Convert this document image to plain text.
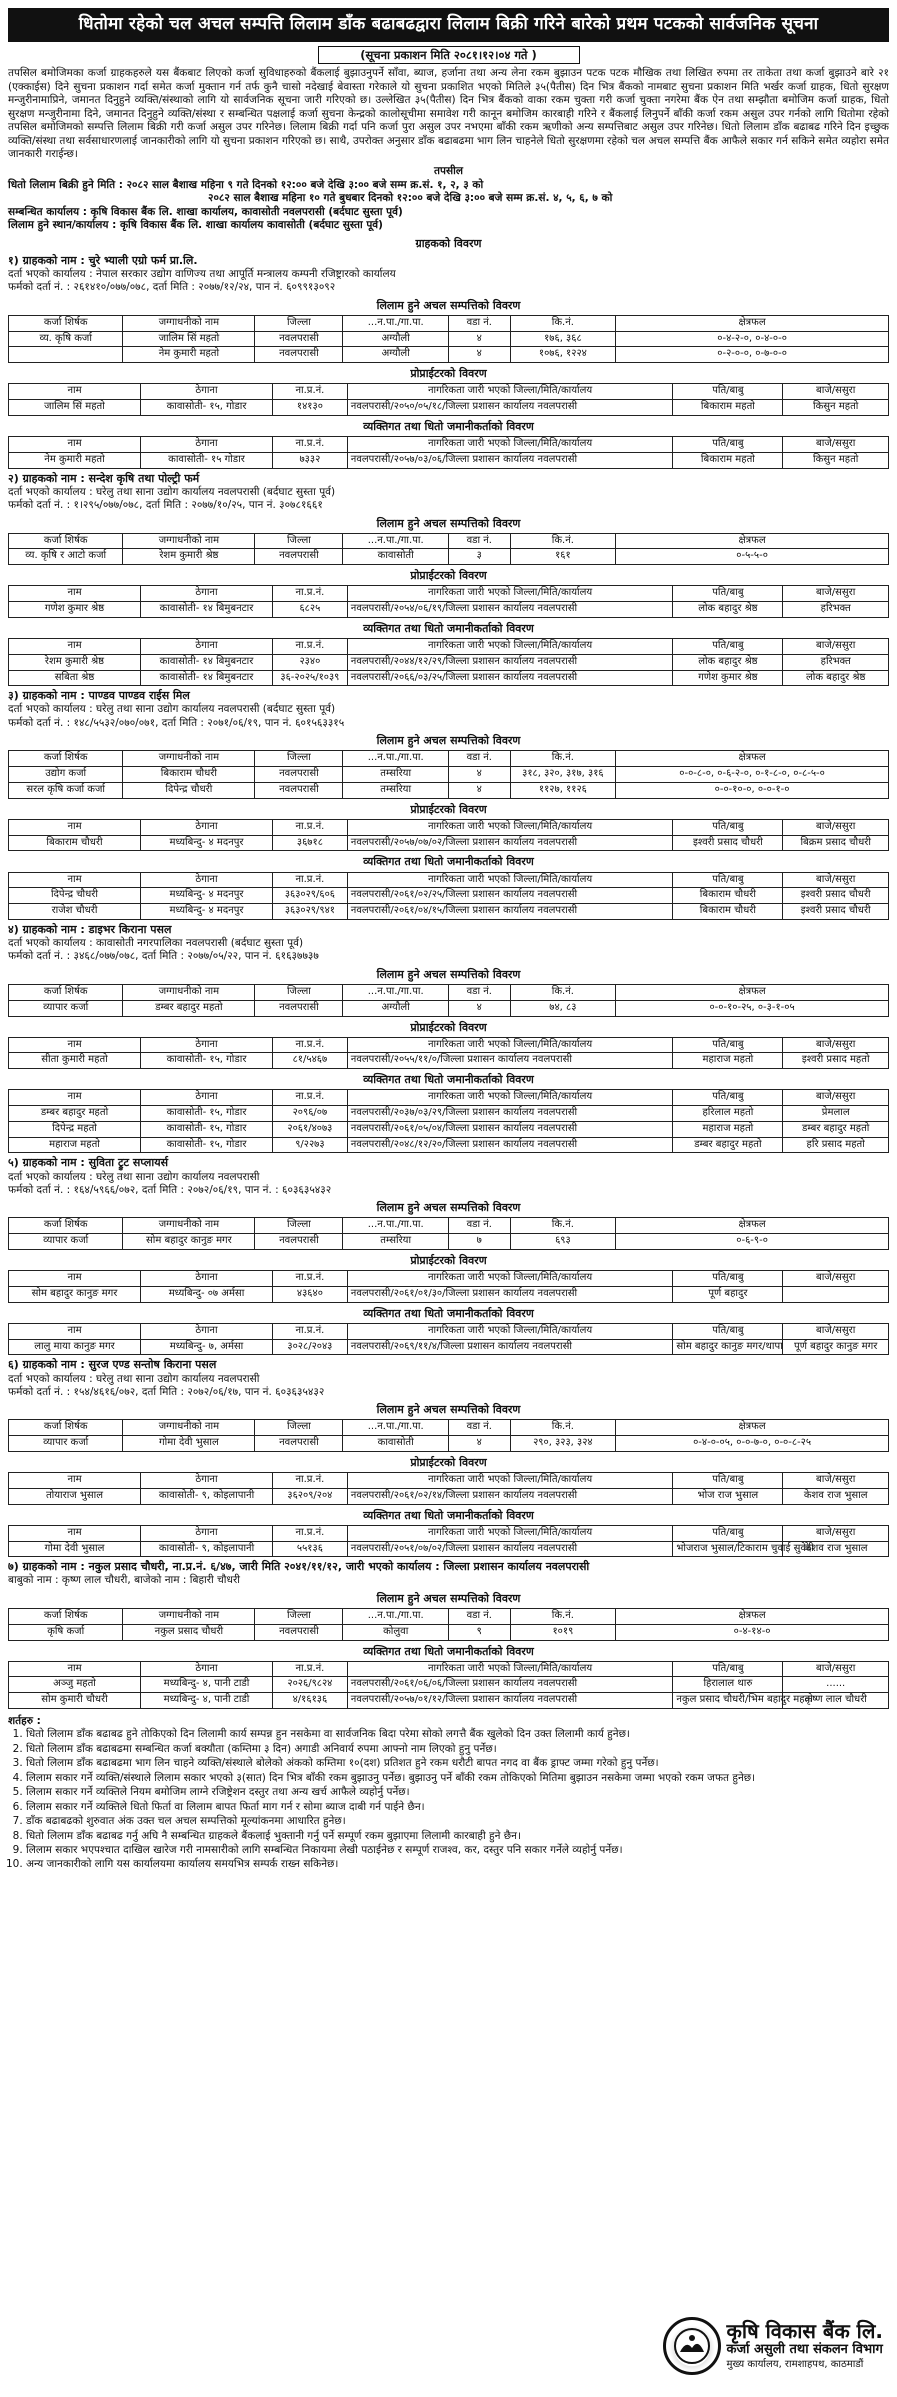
धितोमा रहेको चल अचल सम्पत्ति लिलाम डाँक बढाबढद्वारा लिलाम बिक्री गरिने बारेको प्रथम पटकको सार्वजनिक सूचना
(सूचना प्रकाशन मिति २०८१।१२।०४ गते )

तपसिल बमोजिमका कर्जा ग्राहकहरुले यस बैंकबाट लिएको कर्जा सुविधाहरुको बैंकलाई बुझाउनुपर्ने साँवा, ब्याज, हर्जाना तथा अन्य लेना रकम बुझाउन पटक पटक मौखिक तथा लिखित रुपमा तर ताकेता तथा कर्जा बुझाउने बारे २१ (एक्काईस) दिने सुचना प्रकाशन गर्दा समेत कर्जा मुक्तान गर्न तर्फ कुनै चासो नदेखाई बेवास्ता गरेकाले यो सुचना प्रकाशित भएको मितिले ३५(पैतीस) दिन भित्र बैंकको नामबाट सुचना प्रकाशन मिति भर्खर कर्जा ग्राहक, धितो सुरक्षण मन्जुरीनामाप्रिने, जमानत दिनुहुने व्यक्ति/संस्थाको लागि यो सार्वजनिक सूचना जारी गरिएको छ। उल्लेखित ३५(पैतीस) दिन भित्र बैंकको वाका रकम चुक्ता गरी कर्जा चुक्ता नगरेमा बैंक ऐन तथा सम्झौता बमोजिम कर्जा ग्राहक, धितो सुरक्षण मन्जुरीनामा दिने, जमानत दिनुहुने व्यक्ति/संस्था र सम्बन्धित पक्षलाई कर्जा सुचना केन्द्रको कालोसूचीमा समावेश गरी कानून बमोजिम कारबाही गरिने र बैंकलाई लिनुपर्ने बाँकी कर्जा रकम असुल उपर गर्नको लागि धितोमा रहेको तपसिल बमोजिमको सम्पत्ति लिलाम बिक्री गरी कर्जा असुल उपर गरिनेछ। लिलाम बिक्री गर्दा पनि कर्जा पुरा असुल उपर नभएमा बाँकी रकम ऋणीको अन्य सम्पत्तिबाट असुल उपर गरिनेछ। धितो लिलाम डाँक बढाबढ गरिने दिन इच्छुक व्यक्ति/संस्था तथा सर्वसाधारणलाई जानकारीको लागि यो सुचना प्रकाशन गरिएको छ। साथै, उपरोक्त अनुसार डाँक बढाबढमा भाग लिन चाहनेले धितो सुरक्षणमा रहेको चल अचल सम्पत्ति बैंक आफैले सकार गर्न सकिने समेत व्यहोरा समेत जानकारी गराईन्छ।

तपसील
धितो लिलाम बिक्री हुने मिति : २०८२ साल बैशाख महिना ९ गते दिनको १२:०० बजे देखि ३:०० बजे सम्म क्र.सं. १, २, ३ को
२०८२ साल बैशाख महिना १० गते बुधबार दिनको १२:०० बजे देखि ३:०० बजे सम्म क्र.सं. ४, ५, ६, ७ को
सम्बन्धित कार्यालय : कृषि विकास बैंक लि. शाखा कार्यालय, कावासोती नवलपरासी (बर्दघाट सुस्ता पूर्व)
लिलाम हुने स्थान/कार्यालय : कृषि विकास बैंक लि. शाखा कार्यालय कावासोती (बर्दघाट सुस्ता पूर्व)
ग्राहकको विवरण
१) ग्राहकको नाम : चुरे भ्याली एग्रो फर्म प्रा.लि.
दर्ता भएको कार्यालय : नेपाल सरकार उद्योग वाणिज्य तथा आपूर्ति मन्त्रालय कम्पनी रजिष्ट्रारको कार्यालय
फर्मको दर्ता नं. : २६१४१०/०७७/०७८, दर्ता मिति : २०७७/१२/२४, पान नं. ६०९९१३०९२
लिलाम हुने अचल सम्पत्तिको विवरण
कर्जा शिर्षक	जग्गाधनीको नाम	जिल्ला	...न.पा./गा.पा.	वडा नं.	कि.नं.	क्षेत्रफल
व्य. कृषि कर्जा	जालिम सिं महतो	नवलपरासी	अग्यौली	४	१७६, ३६८	०-४-२-०, ०-४-०-०
	नेम कुमारी महतो	नवलपरासी	अग्यौली	४	१०७६, १२२४	०-२-०-०, ०-७-०-०
प्रोप्राईटरको विवरण
नाम	ठेगाना	ना.प्र.नं.	नागरिकता जारी भएको जिल्ला/मिति/कार्यालय	पति/बाबु	बाजे/ससुरा
जालिम सिं महतो	कावासोती- १५, गोडार	१४१३०	नवलपरासी/२०५०/०५/१८/जिल्ला प्रशासन कार्यालय नवलपरासी	बिकाराम महतो	किसुन महतो
व्यक्तिगत तथा धितो जमानीकर्ताको विवरण
नाम	ठेगाना	ना.प्र.नं.	नागरिकता जारी भएको जिल्ला/मिति/कार्यालय	पति/बाबु	बाजे/ससुरा
नेम कुमारी महतो	कावासोती- १५ गोडार	७३३२	नवलपरासी/२०५७/०३/०६/जिल्ला प्रशासन कार्यालय नवलपरासी	बिकाराम महतो	किसुन महतो
२) ग्राहकको नाम : सन्देश कृषि तथा पोल्ट्री फर्म
दर्ता भएको कार्यालय : घरेलु तथा साना उद्योग कार्यालय नवलपरासी (बर्दघाट सुस्ता पूर्व)
फर्मको दर्ता नं. : १।२९५/०७७/०७८, दर्ता मिति : २०७७/१०/२५, पान नं. ३०७८१६६१
लिलाम हुने अचल सम्पत्तिको विवरण
कर्जा शिर्षक	जग्गाधनीको नाम	जिल्ला	...न.पा./गा.पा.	वडा नं.	कि.नं.	क्षेत्रफल
व्य. कृषि र आटो कर्जा	रेशम कुमारी श्रेष्ठ	नवलपरासी	कावासोती	३	१६१	०-५-५-०
प्रोप्राईटरको विवरण
नाम	ठेगाना	ना.प्र.नं.	नागरिकता जारी भएको जिल्ला/मिति/कार्यालय	पति/बाबु	बाजे/ससुरा
गणेश कुमार श्रेष्ठ	कावासोती- १४ बिमुबनटार	६८२५	नवलपरासी/२०५४/०६/१९/जिल्ला प्रशासन कार्यालय नवलपरासी	लोक बहादुर श्रेष्ठ	हरिभक्त
व्यक्तिगत तथा धितो जमानीकर्ताको विवरण
नाम	ठेगाना	ना.प्र.नं.	नागरिकता जारी भएको जिल्ला/मिति/कार्यालय	पति/बाबु	बाजे/ससुरा
रेशम कुमारी श्रेष्ठ	कावासोती- १४ बिमुबनटार	२३४०	नवलपरासी/२०४४/१२/२९/जिल्ला प्रशासन कार्यालय नवलपरासी	लोक बहादुर श्रेष्ठ	हरिभक्त
सबिता श्रेष्ठ	कावासोती- १४ बिमुबनटार	३६-२०२५/१०३९	नवलपरासी/२०६६/०३/२५/जिल्ला प्रशासन कार्यालय नवलपरासी	गणेश कुमार श्रेष्ठ	लोक बहादुर श्रेष्ठ
३) ग्राहकको नाम : पाण्डव पाण्डव राईस मिल
दर्ता भएको कार्यालय : घरेलु तथा साना उद्योग कार्यालय नवलपरासी (बर्दघाट सुस्ता पूर्व)
फर्मको दर्ता नं. : १४८/५५३२/०७०/०७१, दर्ता मिति : २०७१/०६/१९, पान नं. ६०१५६३३१५
लिलाम हुने अचल सम्पत्तिको विवरण
कर्जा शिर्षक	जग्गाधनीको नाम	जिल्ला	...न.पा./गा.पा.	वडा नं.	कि.नं.	क्षेत्रफल
उद्योग कर्जा	बिकाराम चौधरी	नवलपरासी	तम्सरिया	४	३१८, ३२०, ३१७, ३१६	०-०-८-०, ०-६-२-०, ०-१-८-०, ०-८-५-०
सरल कृषि कर्जा कर्जा	दिपेन्द्र चौधरी	नवलपरासी	तम्सरिया	४	११२७, ११२६	०-०-१०-०, ०-०-१-०
प्रोप्राईटरको विवरण
नाम	ठेगाना	ना.प्र.नं.	नागरिकता जारी भएको जिल्ला/मिति/कार्यालय	पति/बाबु	बाजे/ससुरा
बिकाराम चौधरी	मध्यबिन्दु- ४ मदनपुर	३६७१८	नवलपरासी/२०५७/०७/०२/जिल्ला प्रशासन कार्यालय नवलपरासी	इश्वरी प्रसाद चौधरी	बिक्रम प्रसाद चौधरी
व्यक्तिगत तथा धितो जमानीकर्ताको विवरण
नाम	ठेगाना	ना.प्र.नं.	नागरिकता जारी भएको जिल्ला/मिति/कार्यालय	पति/बाबु	बाजे/ससुरा
दिपेन्द्र चौधरी	मध्यबिन्दु- ४ मदनपुर	३६३०२९/६०६	नवलपरासी/२०६१/०२/२५/जिल्ला प्रशासन कार्यालय नवलपरासी	बिकाराम चौधरी	इश्वरी प्रसाद चौधरी
राजेश चौधरी	मध्यबिन्दु- ४ मदनपुर	३६३०२९/९४१	नवलपरासी/२०६१/०४/१५/जिल्ला प्रशासन कार्यालय नवलपरासी	बिकाराम चौधरी	इश्वरी प्रसाद चौधरी
४) ग्राहकको नाम : डाइभर किराना पसल
दर्ता भएको कार्यालय : कावासोती नगरपालिका नवलपरासी (बर्दघाट सुस्ता पूर्व)
फर्मको दर्ता नं. : ३४६८/०७७/०७८, दर्ता मिति : २०७७/०५/२२, पान नं. ६१६३७७३७
लिलाम हुने अचल सम्पत्तिको विवरण
कर्जा शिर्षक	जग्गाधनीको नाम	जिल्ला	...न.पा./गा.पा.	वडा नं.	कि.नं.	क्षेत्रफल
व्यापार कर्जा	डम्बर बहादुर महतो	नवलपरासी	अग्यौली	४	७४, ८३	०-०-१०-२५, ०-३-१-०५
प्रोप्राईटरको विवरण
नाम	ठेगाना	ना.प्र.नं.	नागरिकता जारी भएको जिल्ला/मिति/कार्यालय	पति/बाबु	बाजे/ससुरा
सीता कुमारी महतो	कावासोती- १५, गोडार	८१/५४६७	नवलपरासी/२०५५/११/०/जिल्ला प्रशासन कार्यालय नवलपरासी	महाराज महतो	इश्वरी प्रसाद महतो
व्यक्तिगत तथा धितो जमानीकर्ताको विवरण
नाम	ठेगाना	ना.प्र.नं.	नागरिकता जारी भएको जिल्ला/मिति/कार्यालय	पति/बाबु	बाजे/ससुरा
डम्बर बहादुर महतो	कावासोती- १५, गोडार	२०९६/०७	नवलपरासी/२०३७/०३/२९/जिल्ला प्रशासन कार्यालय नवलपरासी	हरिलाल महतो	प्रेमलाल
दिपेन्द्र महतो	कावासोती- १५, गोडार	२०६१/४०७३	नवलपरासी/२०६१/०५/०४/जिल्ला प्रशासन कार्यालय नवलपरासी	महाराज महतो	डम्बर बहादुर महतो
महाराज महतो	कावासोती- १५, गोडार	९/२२७३	नवलपरासी/२०४८/१२/२०/जिल्ला प्रशासन कार्यालय नवलपरासी	डम्बर बहादुर महतो	हरि प्रसाद महतो
५) ग्राहकको नाम : सुविता ट्रुट सप्लायर्स
दर्ता भएको कार्यालय : घरेलु तथा साना उद्योग कार्यालय नवलपरासी
फर्मको दर्ता नं. : १६४/५९६६/०७२, दर्ता मिति : २०७२/०६/१९, पान नं. : ६०३६३५४३२
लिलाम हुने अचल सम्पत्तिको विवरण
कर्जा शिर्षक	जग्गाधनीको नाम	जिल्ला	...न.पा./गा.पा.	वडा नं.	कि.नं.	क्षेत्रफल
व्यापार कर्जा	सोम बहादुर कानुङ मगर	नवलपरासी	तम्सरिया	७	६९३	०-६-९-०
प्रोप्राईटरको विवरण
नाम	ठेगाना	ना.प्र.नं.	नागरिकता जारी भएको जिल्ला/मिति/कार्यालय	पति/बाबु	बाजे/ससुरा
सोम बहादुर कानुङ मगर	मध्यबिन्दु- ०७ अर्मसा	४३६४०	नवलपरासी/२०६१/०१/३०/जिल्ला प्रशासन कार्यालय नवलपरासी	पूर्ण बहादुर	
व्यक्तिगत तथा धितो जमानीकर्ताको विवरण
नाम	ठेगाना	ना.प्र.नं.	नागरिकता जारी भएको जिल्ला/मिति/कार्यालय	पति/बाबु	बाजे/ससुरा
लालु माया कानुङ मगर	मध्यबिन्दु- ७, अर्मसा	३०२८/२०४३	नवलपरासी/२०६९/११/४/जिल्ला प्रशासन कार्यालय नवलपरासी	सोम बहादुर कानुङ मगर/थापा	पूर्ण बहादुर कानुङ मगर
६) ग्राहकको नाम : सुरज एण्ड सन्तोष किराना पसल
दर्ता भएको कार्यालय : घरेलु तथा साना उद्योग कार्यालय नवलपरासी
फर्मको दर्ता नं. : १५४/४६१६/०७२, दर्ता मिति : २०७२/०६/१७, पान नं. ६०३६३५४३२
लिलाम हुने अचल सम्पत्तिको विवरण
कर्जा शिर्षक	जग्गाधनीको नाम	जिल्ला	...न.पा./गा.पा.	वडा नं.	कि.नं.	क्षेत्रफल
व्यापार कर्जा	गोमा देवी भुसाल	नवलपरासी	कावासोती	४	२९०, ३२३, ३२४	०-४-०-०५, ०-०-७-०, ०-०-८-२५
प्रोप्राईटरको विवरण
नाम	ठेगाना	ना.प्र.नं.	नागरिकता जारी भएको जिल्ला/मिति/कार्यालय	पति/बाबु	बाजे/ससुरा
तोयाराज भुसाल	कावासोती- ९, कोइलापानी	३६२०९/२०४	नवलपरासी/२०६१/०२/१४/जिल्ला प्रशासन कार्यालय नवलपरासी	भोज राज भुसाल	केशव राज भुसाल
व्यक्तिगत तथा धितो जमानीकर्ताको विवरण
नाम	ठेगाना	ना.प्र.नं.	नागरिकता जारी भएको जिल्ला/मिति/कार्यालय	पति/बाबु	बाजे/ससुरा
गोमा देवी भुसाल	कावासोती- ९, कोइलापानी	५५१३६	नवलपरासी/२०५१/०७/०२/जिल्ला प्रशासन कार्यालय नवलपरासी	भोजराज भुसाल/टिकाराम चुवाई सुवेदी	केशव राज भुसाल
७) ग्राहकको नाम : नकुल प्रसाद चौधरी, ना.प्र.नं. ६/४७, जारी मिति २०४१/११/१२, जारी भएको कार्यालय : जिल्ला प्रशासन कार्यालय नवलपरासी
बाबुको नाम : कृष्ण लाल चौधरी, बाजेको नाम : बिहारी चौधरी
लिलाम हुने अचल सम्पत्तिको विवरण
कर्जा शिर्षक	जग्गाधनीको नाम	जिल्ला	...न.पा./गा.पा.	वडा नं.	कि.नं.	क्षेत्रफल
कृषि कर्जा	नकुल प्रसाद चौधरी	नवलपरासी	कोलुवा	९	१०१९	०-४-१४-०
व्यक्तिगत तथा धितो जमानीकर्ताको विवरण
नाम	ठेगाना	ना.प्र.नं.	नागरिकता जारी भएको जिल्ला/मिति/कार्यालय	पति/बाबु	बाजे/ससुरा
अञ्जु महतो	मध्यबिन्दु- ४, पानी टाडी	२०२६/९८२४	नवलपरासी/२०६१/०६/०६/जिल्ला प्रशासन कार्यालय नवलपरासी	हिरालाल थारु	......
सोम कुमारी चौधरी	मध्यबिन्दु- ४, पानी टाडी	४/१६१३६	नवलपरासी/२०५७/०१/१२/जिल्ला प्रशासन कार्यालय नवलपरासी	नकुल प्रसाद चौधरी/भिम बहादुर महतो	कृष्ण लाल चौधरी
शर्तहरु :
1. धितो लिलाम डाँक बढाबढ हुने तोकिएको दिन लिलामी कार्य सम्पन्न हुन नसकेमा वा सार्वजनिक बिदा परेमा सोको लगत्तै बैंक खुलेको दिन उक्त लिलामी कार्य हुनेछ।
2. धितो लिलाम डाँक बढाबढमा सम्बन्धित कर्जा बक्यौता (कम्तिमा ३ दिन) अगाडी अनिवार्य रुपमा आफ्नो नाम लिएको हुनु पर्नेछ।
3. धितो लिलाम डाँक बढाबढमा भाग लिन चाहने व्यक्ति/संस्थाले बोलेको अंकको कम्तिमा १०(दश) प्रतिशत हुने रकम धरौटी बापत नगद वा बैंक ड्राफ्ट जम्मा गरेको हुनु पर्नेछ।
4. लिलाम सकार गर्ने व्यक्ति/संस्थाले लिलाम सकार भएको ३(सात) दिन भित्र बाँकी रकम बुझाउनु पर्नेछ। बुझाउनु पर्ने बाँकी रकम तोकिएको मितिमा बुझाउन नसकेमा जम्मा भएको रकम जफत हुनेछ।
5. लिलाम सकार गर्ने व्यक्तिले नियम बमोजिम लाग्ने रजिष्ट्रेशन दस्तुर तथा अन्य खर्च आफैले व्यहोर्नु पर्नेछ।
6. लिलाम सकार गर्ने व्यक्तिले धितो फिर्ता वा लिलाम बापत फिर्ता माग गर्न र सोमा ब्याज दाबी गर्न पाईने छैन।
7. डाँक बढाबढको शुरुवात अंक उक्त चल अचल सम्पत्तिको मूल्यांकनमा आधारित हुनेछ।
8. धितो लिलाम डाँक बढाबढ गर्नु अघि नै सम्बन्धित ग्राहकले बैंकलाई भुक्तानी गर्नु पर्ने सम्पूर्ण रकम बुझाएमा लिलामी कारबाही हुने छैन।
9. लिलाम सकार भएपश्चात दाखिल खारेज गरी नामसारीको लागि सम्बन्धित निकायमा लेखी पठाईनेछ र सम्पूर्ण राजश्व, कर, दस्तुर पनि सकार गर्नेले व्यहोर्नु पर्नेछ।
10. अन्य जानकारीको लागि यस कार्यालयमा कार्यालय समयभित्र सम्पर्क राख्न सकिनेछ।
कृषि विकास बैंक लि.
कर्जा असुली तथा संकलन विभाग
मुख्य कार्यालय, रामशाहपथ, काठमाडौं
